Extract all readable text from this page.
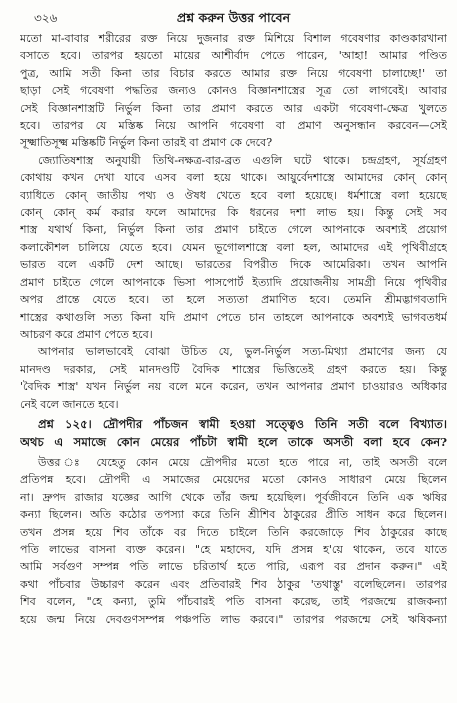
৩২৬	প্রশ্ন করুন উত্তর পাবেন
মতো মা-বাবার শরীরের রক্ত নিয়ে দুজনার রক্ত মিশিয়ে বিশাল গবেষণার কাণ্ডকারখানা
বসাতে হবে। তারপর হয়তো মায়ের আশীর্বাদ পেতে পারেন, 'আহা! আমার পণ্ডিত
পুত্র, আমি সতী কিনা তার বিচার করতে আমার রক্ত নিয়ে গবেষণা চালাচ্ছে!' তা
ছাড়া সেই গবেষণা পদ্ধতির জন্যও কোনও বিজ্ঞানশাস্ত্রের সূত্র তো লাগবেই। আবার
সেই বিজ্ঞানশাস্ত্রটি নির্ভুল কিনা তার প্রমাণ করতে আর একটা গবেষণা-ক্ষেত্র খুলতে
হবে। তারপর যে মস্তিষ্ক নিয়ে আপনি গবেষণা বা প্রমাণ অনুসন্ধান করবেন—সেই
সূক্ষ্মাতিসূক্ষ্ম মস্তিষ্কটি নির্ভুল কিনা তারই বা প্রমাণ কে দেবে?
জ্যোতিষশাস্ত্র অনুযায়ী তিথি-নক্ষত্র-বার-ব্রত এগুলি ঘটে থাকে। চন্দ্রগ্রহণ, সূর্যগ্রহণ
কোথায় কখন দেখা যাবে এসব বলা হয়ে থাকে। আয়ুর্বেদশাস্ত্রে আমাদের কোন্ কোন্
ব্যাধিতে কোন্ জাতীয় পথ্য ও ঔষধ খেতে হবে বলা হয়েছে। ধর্মশাস্ত্রে বলা হয়েছে
কোন্ কোন্ কর্ম করার ফলে আমাদের কি ধরনের দশা লাভ হয়। কিন্তু সেই সব
শাস্ত্র যথার্থ কিনা, নির্ভুল কিনা তার প্রমাণ চাইতে গেলে আপনাকে অবশ্যই প্রয়োগ
কলাকৌশল চালিয়ে যেতে হবে। যেমন ভূগোলশাস্ত্রে বলা হল, আমাদের এই পৃথিবীগ্রহে
ভারত বলে একটি দেশ আছে। ভারতের বিপরীত দিকে আমেরিকা। তখন আপনি
প্রমাণ চাইতে গেলে আপনাকে ভিসা পাসপোর্ট ইত্যাদি প্রয়োজনীয় সামগ্রী নিয়ে পৃথিবীর
অপর প্রান্তে যেতে হবে। তা হলে সত্যতা প্রমাণিত হবে। তেমনি শ্রীমদ্ভাগবতাদি
শাস্ত্রের কথাগুলি সত্য কিনা যদি প্রমাণ পেতে চান তাহলে আপনাকে অবশ্যই ভাগবতধর্ম
আচরণ করে প্রমাণ পেতে হবে।
আপনার ভালভাবেই বোঝা উচিত যে, ভুল-নির্ভুল সত্য-মিথ্যা প্রমাণের জন্য যে
মানদণ্ড দরকার, সেই মানদণ্ডটি বৈদিক শাস্ত্রের ভিত্তিতেই গ্রহণ করতে হয়। কিন্তু
'বৈদিক শাস্ত্র' যখন নির্ভুল নয় বলে মনে করেন, তখন আপনার প্রমাণ চাওয়ারও অধিকার
নেই বলে জানতে হবে।
প্রশ্ন ১২৫। দ্রৌপদীর পাঁচজন স্বামী হওয়া সত্ত্বেও তিনি সতী বলে বিখ্যাত।
অথচ এ সমাজে কোন মেয়ের পাঁচটা স্বামী হলে তাকে অসতী বলা হবে কেন?
উত্তর ঃ যেহেতু কোন মেয়ে দ্রৌপদীর মতো হতে পারে না, তাই অসতী বলে
প্রতিপন্ন হবে। দ্রৌপদী এ সমাজের মেয়েদের মতো কোনও সাধারণ মেয়ে ছিলেন
না। দ্রুপদ রাজার যজ্ঞের আগি থেকে তাঁর জন্ম হয়েছিল। পূর্বজীবনে তিনি এক ঋষির
কন্যা ছিলেন। অতি কঠোর তপস্যা করে তিনি শ্রীশিব ঠাকুরের প্রীতি সাধন করে ছিলেন।
তখন প্রসন্ন হয়ে শিব তাঁকে বর দিতে চাইলে তিনি করজোড়ে শিব ঠাকুরের কাছে
পতি লাভের বাসনা ব্যক্ত করেন। "হে মহাদেব, যদি প্রসন্ন হ'য়ে থাকেন, তবে যাতে
আমি সর্বগুণ সম্পন্ন পতি লাভে চরিতার্থ হতে পারি, এরূপ বর প্রদান করুন।" এই
কথা পাঁচবার উচ্চারণ করেন এবং প্রতিবারই শিব ঠাকুর 'তথাস্তু' বলেছিলেন। তারপর
শিব বলেন, "হে কন্যা, তুমি পাঁচবারই পতি বাসনা করেছ, তাই পরজন্মে রাজকন্যা
হয়ে জন্ম নিয়ে দেবগুণসম্পন্ন পঞ্চপতি লাভ করবে।" তারপর পরজন্মে সেই ঋষিকন্যা
